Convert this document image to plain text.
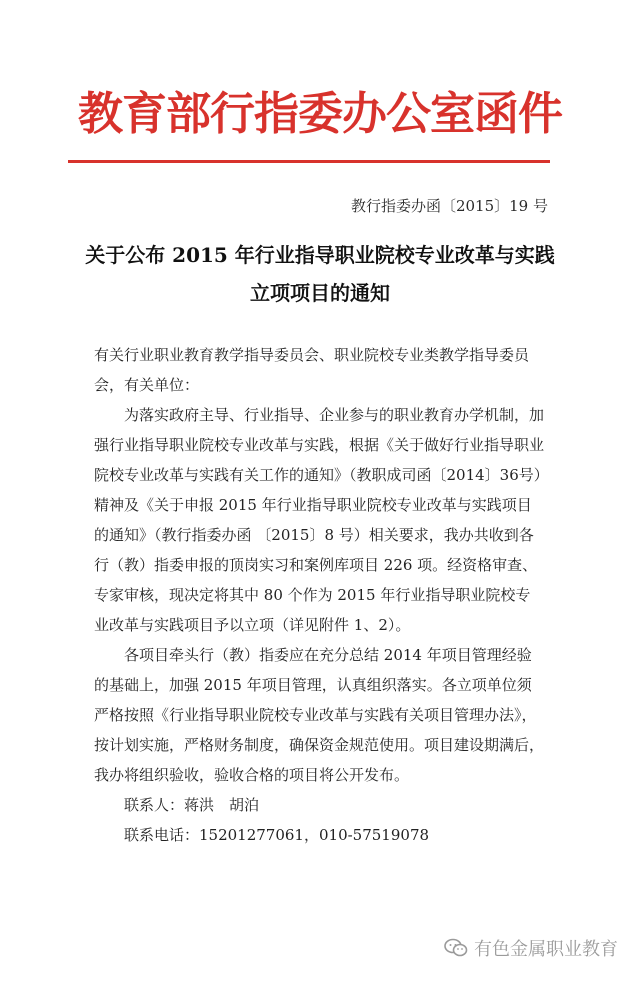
教育部行指委办公室函件
教行指委办函〔2015〕19 号
关于公布 2015 年行业指导职业院校专业改革与实践立项项目的通知

有关行业职业教育教学指导委员会、职业院校专业类教学指导委员会，有关单位：

为落实政府主导、行业指导、企业参与的职业教育办学机制，加强行业指导职业院校专业改革与实践，根据《关于做好行业指导职业院校专业改革与实践有关工作的通知》（教职成司函〔2014〕36号）精神及《关于申报 2015 年行业指导职业院校专业改革与实践项目的通知》（教行指委办函 〔2015〕8 号）相关要求，我办共收到各行（教）指委申报的顶岗实习和案例库项目 226 项。经资格审查、专家审核，现决定将其中 80 个作为 2015 年行业指导职业院校专业改革与实践项目予以立项（详见附件 1、2）。

各项目牵头行（教）指委应在充分总结 2014 年项目管理经验的基础上，加强 2015 年项目管理，认真组织落实。各立项单位须严格按照《行业指导职业院校专业改革与实践有关项目管理办法》，按计划实施，严格财务制度，确保资金规范使用。项目建设期满后，我办将组织验收，验收合格的项目将公开发布。

联系人：蒋洪　胡泊

联系电话：15201277061，010-57519078

有色金属职业教育
